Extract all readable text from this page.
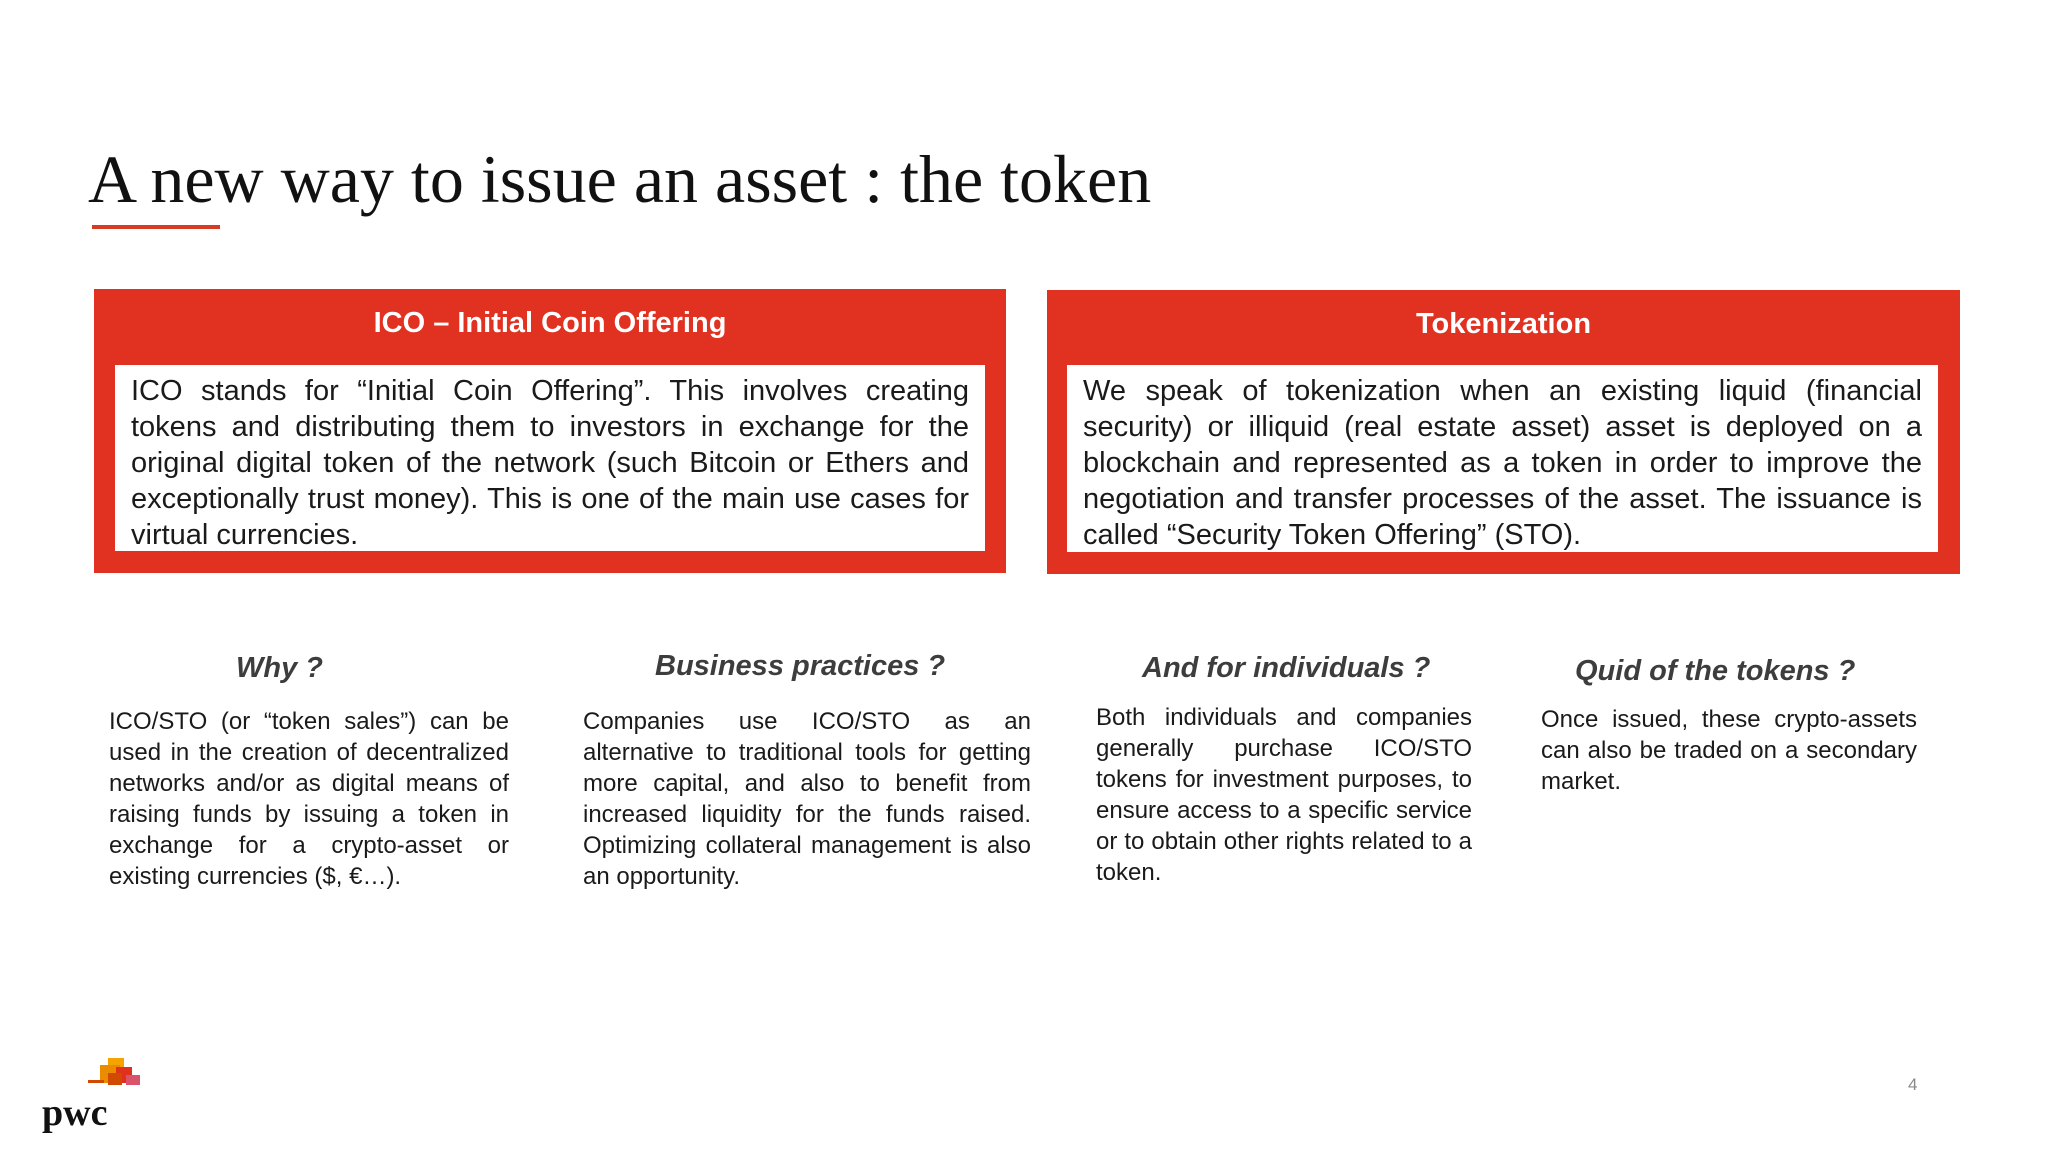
A new way to issue an asset : the token
ICO – Initial Coin Offering
ICO stands for “Initial Coin Offering”. This involves creating tokens and distributing them to investors in exchange for the original digital token of the network (such Bitcoin or Ethers and exceptionally trust money). This is one of the main use cases for virtual currencies.
Tokenization
We speak of tokenization when an existing liquid (financial security) or illiquid (real estate asset) asset is deployed on a blockchain and represented as a token in order to improve the negotiation and transfer processes of the asset. The issuance is called “Security Token Offering” (STO).
Why ?
ICO/STO (or “token sales”) can be used in the creation of decentralized networks and/or as digital means of raising funds by issuing a token in exchange for a crypto-asset or existing currencies ($, €…).
Business practices ?
Companies use ICO/STO as an alternative to traditional tools for getting more capital, and also to benefit from increased liquidity for the funds raised. Optimizing collateral management is also an opportunity.
And for individuals ?
Both individuals and companies generally purchase ICO/STO tokens for investment purposes, to ensure access to a specific service or to obtain other rights related to a token.
Quid of the tokens ?
Once issued, these crypto-assets can also be traded on a secondary market.
pwc
4
